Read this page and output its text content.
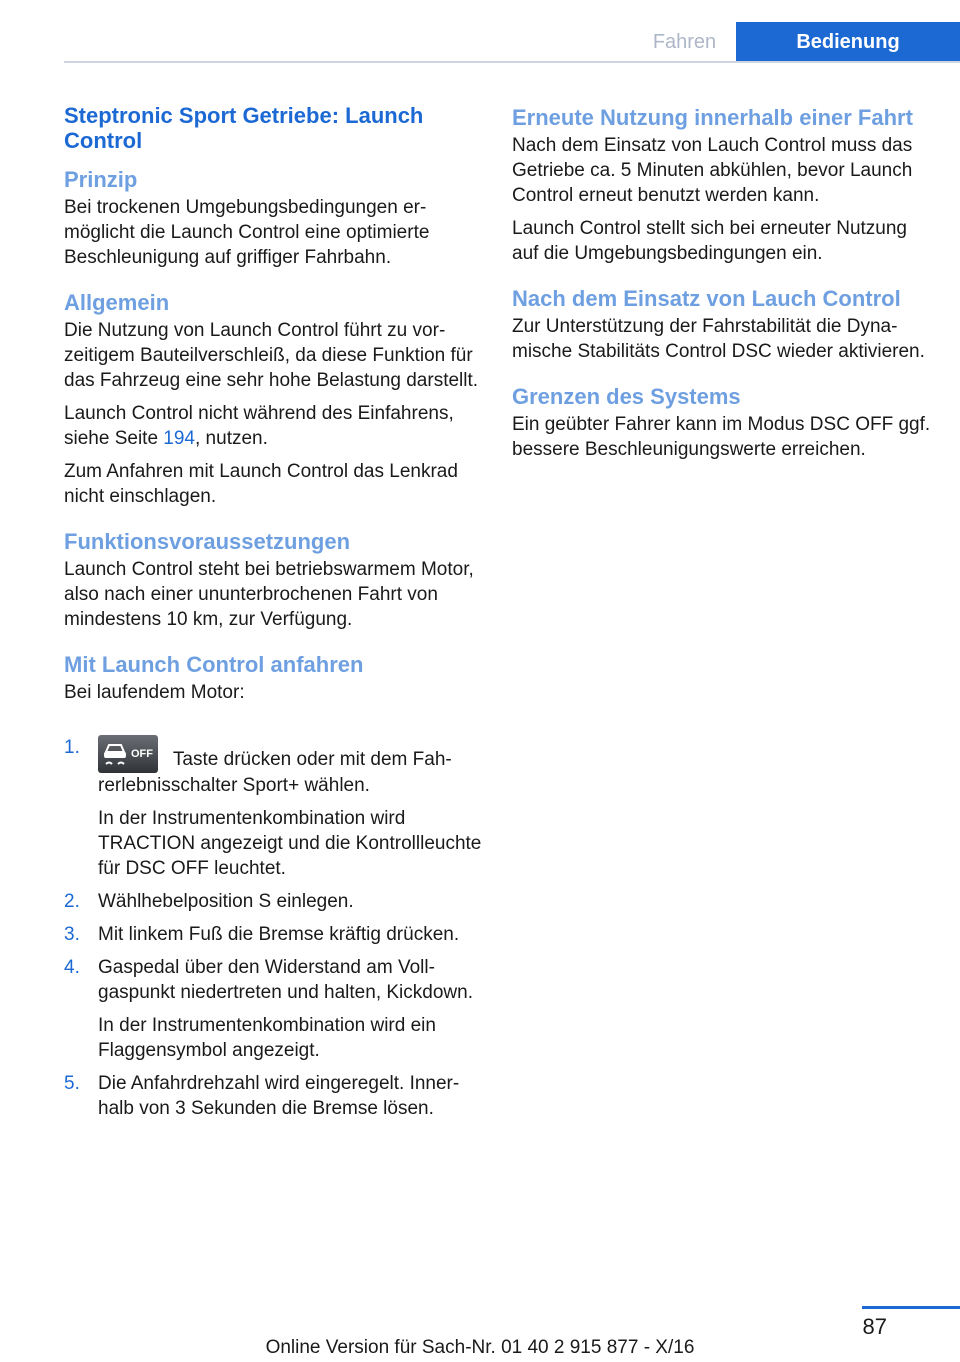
Fahren	Bedienung
Steptronic Sport Getriebe: Launch Control
Prinzip

Bei trockenen Umgebungsbedingungen ermöglicht die Launch Control eine optimierte Beschleunigung auf griffiger Fahrbahn.

Allgemein

Die Nutzung von Launch Control führt zu vorzeitigem Bauteilverschleiß, da diese Funktion für das Fahrzeug eine sehr hohe Belastung darstellt.

Launch Control nicht während des Einfahrens, siehe Seite 194, nutzen.

Zum Anfahren mit Launch Control das Lenkrad nicht einschlagen.

Funktionsvoraussetzungen

Launch Control steht bei betriebswarmem Motor, also nach einer ununterbrochenen Fahrt von mindestens 10 km, zur Verfügung.

Mit Launch Control anfahren

Bei laufendem Motor:

1.	OFF Taste drücken oder mit dem Fahrerlebnisschalter Sport+ wählen.

In der Instrumentenkombination wird TRACTION angezeigt und die Kontrollleuchte für DSC OFF leuchtet.

2. Wählhebelposition S einlegen.

3. Mit linkem Fuß die Bremse kräftig drücken.

4. Gaspedal über den Widerstand am Vollgaspunkt niedertreten und halten, Kickdown.

In der Instrumentenkombination wird ein Flaggensymbol angezeigt.

5. Die Anfahrdrehzahl wird eingeregelt. Innerhalb von 3 Sekunden die Bremse lösen.

Erneute Nutzung innerhalb einer Fahrt

Nach dem Einsatz von Lauch Control muss das Getriebe ca. 5 Minuten abkühlen, bevor Launch Control erneut benutzt werden kann.

Launch Control stellt sich bei erneuter Nutzung auf die Umgebungsbedingungen ein.

Nach dem Einsatz von Lauch Control

Zur Unterstützung der Fahrstabilität die Dynamische Stabilitäts Control DSC wieder aktivieren.

Grenzen des Systems

Ein geübter Fahrer kann im Modus DSC OFF ggf. bessere Beschleunigungswerte erreichen.

87
Online Version für Sach-Nr. 01 40 2 915 877 - X/16
